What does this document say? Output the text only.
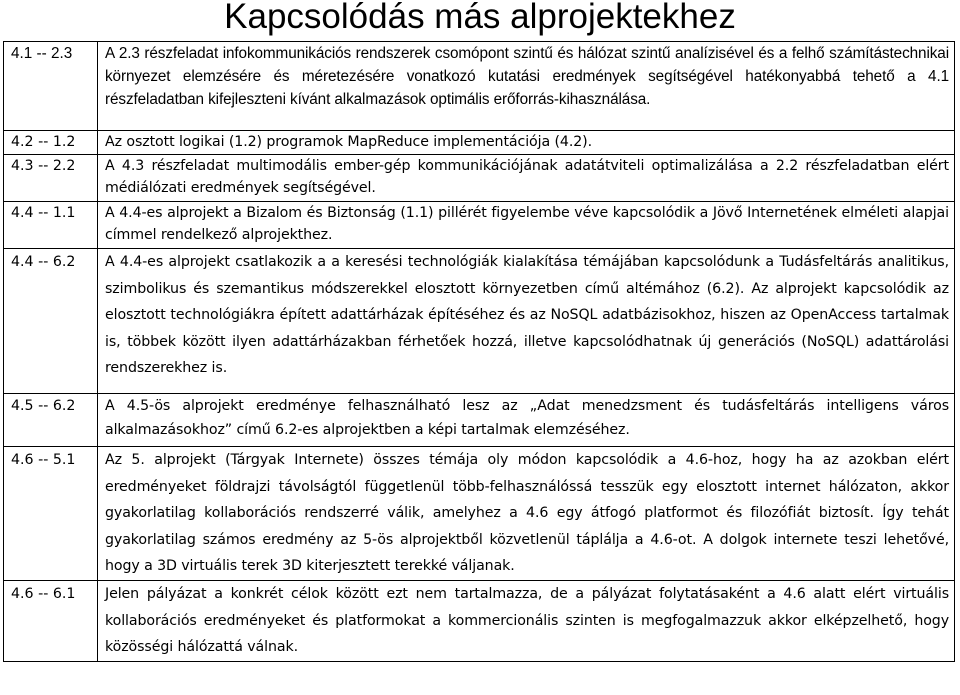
Kapcsolódás más alprojektekhez
4.1 -- 2.3	A 2.3 részfeladat infokommunikációs rendszerek csomópont szintű és hálózat szintű analízisével és a felhő számítástechnikai környezet elemzésére és méretezésére vonatkozó kutatási eredmények segítségével hatékonyabbá tehető a 4.1 részfeladatban kifejleszteni kívánt alkalmazások optimális erőforrás-kihasználása.
4.2 -- 1.2	Az osztott logikai (1.2) programok MapReduce implementációja (4.2).
4.3 -- 2.2	A 4.3 részfeladat multimodális ember-gép kommunikációjának adatátviteli optimalizálása a 2.2 részfeladatban elért médiálózati eredmények segítségével.
4.4 -- 1.1	A 4.4-es alprojekt a Bizalom és Biztonság (1.1) pillérét figyelembe véve kapcsolódik a Jövő Internetének elméleti alapjai címmel rendelkező alprojekthez.
4.4 -- 6.2	A 4.4-es alprojekt csatlakozik a a keresési technológiák kialakítása témájában kapcsolódunk a Tudásfeltárás analitikus, szimbolikus és szemantikus módszerekkel elosztott környezetben című altémához (6.2). Az alprojekt kapcsolódik az elosztott technológiákra épített adattárházak építéséhez és az NoSQL adatbázisokhoz, hiszen az OpenAccess tartalmak is, többek között ilyen adattárházakban férhetőek hozzá, illetve kapcsolódhatnak új generációs (NoSQL) adattárolási rendszerekhez is.
4.5 -- 6.2	A 4.5-ös alprojekt eredménye felhasználható lesz az „Adat menedzsment és tudásfeltárás intelligens város alkalmazásokhoz” című 6.2-es alprojektben a képi tartalmak elemzéséhez.
4.6 -- 5.1	Az 5. alprojekt (Tárgyak Internete) összes témája oly módon kapcsolódik a 4.6-hoz, hogy ha az azokban elért eredményeket földrajzi távolságtól függetlenül több-felhasználóssá tesszük egy elosztott internet hálózaton, akkor gyakorlatilag kollaborációs rendszerré válik, amelyhez a 4.6 egy átfogó platformot és filozófiát biztosít. Így tehát gyakorlatilag számos eredmény az 5-ös alprojektből közvetlenül táplálja a 4.6-ot. A dolgok internete teszi lehetővé, hogy a 3D virtuális terek 3D kiterjesztett terekké váljanak.
4.6 -- 6.1	Jelen pályázat a konkrét célok között ezt nem tartalmazza, de a pályázat folytatásaként a 4.6 alatt elért virtuális kollaborációs eredményeket és platformokat a kommercionális szinten is megfogalmazzuk akkor elképzelhető, hogy közösségi hálózattá válnak.
